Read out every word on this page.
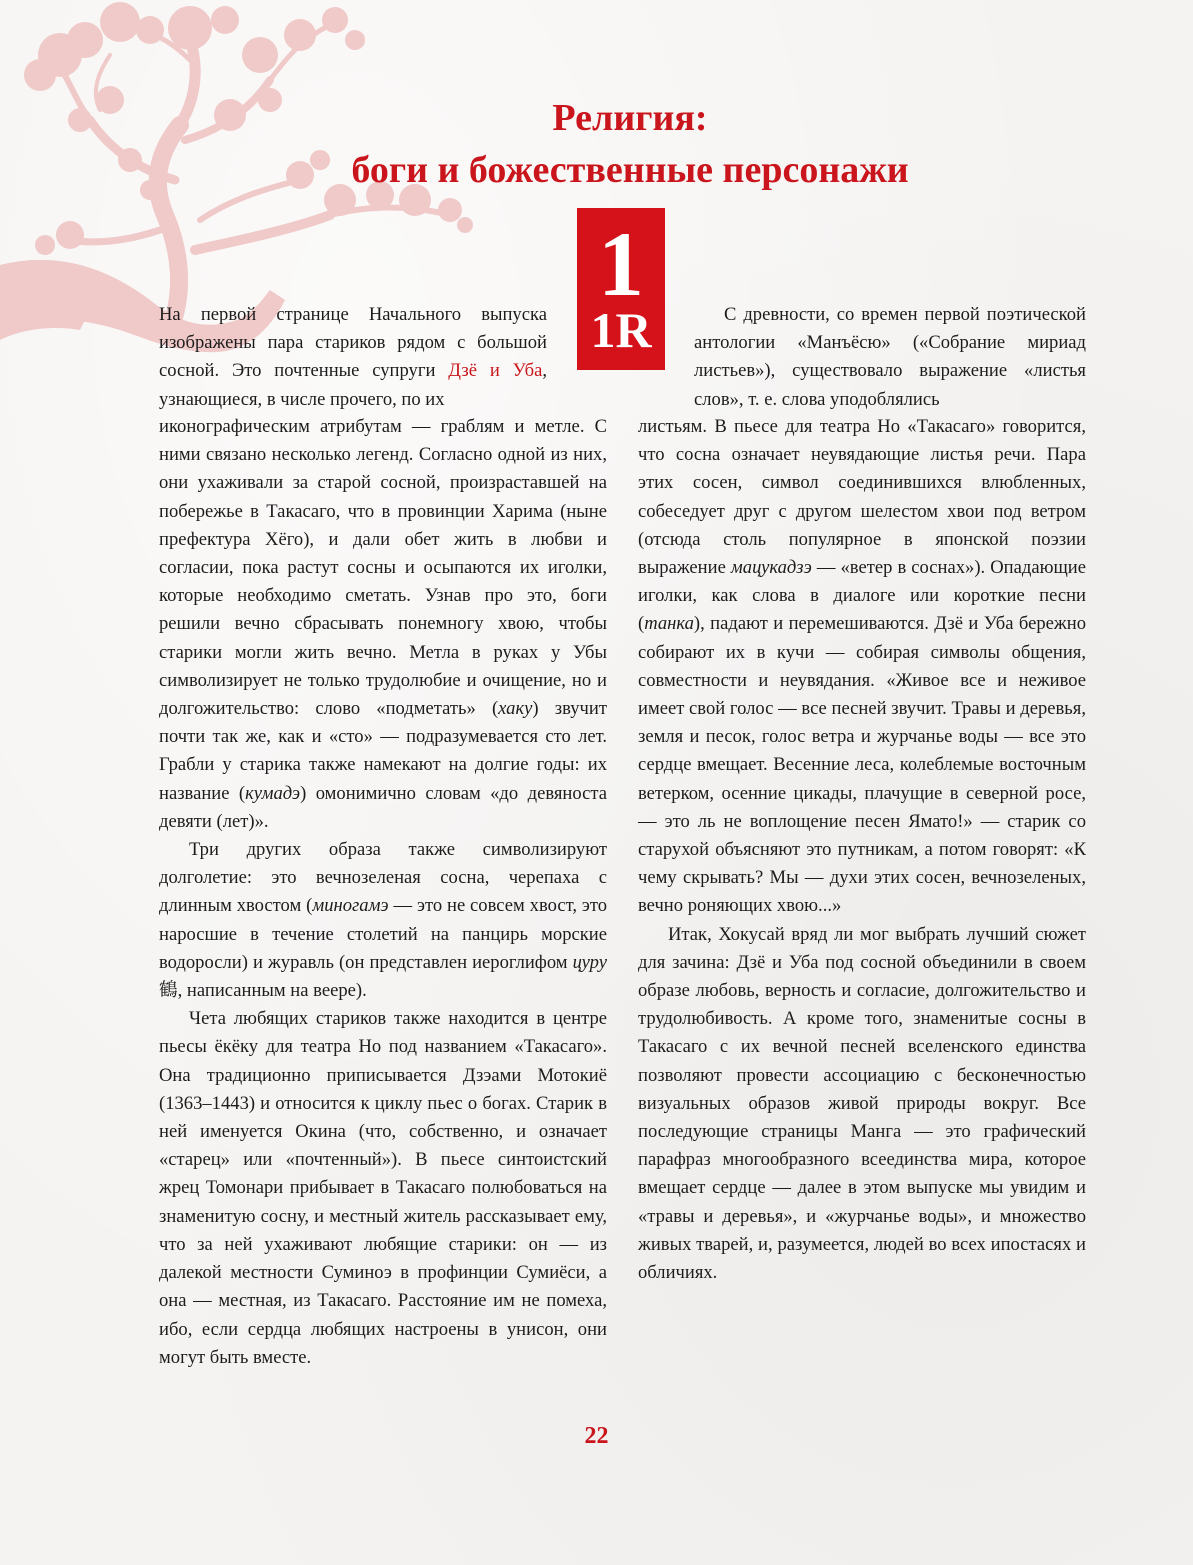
Религия:
боги и божественные персонажи
1
1R

На первой странице Начального выпуска изображены пара стариков рядом с большой сосной. Это почтенные супруги Дзё и Уба, узнающиеся, в числе прочего, по их

иконографическим атрибутам — граблям и метле. С ними связано несколько легенд. Согласно одной из них, они ухаживали за старой сосной, произраставшей на побережье в Такасаго, что в провинции Харима (ныне префектура Хёго), и дали обет жить в любви и согласии, пока растут сосны и осыпаются их иголки, которые необходимо сметать. Узнав про это, боги решили вечно сбрасывать понемногу хвою, чтобы старики могли жить вечно. Метла в руках у Убы символизирует не только трудолюбие и очищение, но и долгожительство: слово «подметать» (хаку) звучит почти так же, как и «сто» — подразумевается сто лет. Грабли у старика также намекают на долгие годы: их название (кумадэ) омонимично словам «до девяноста девяти (лет)».

Три других образа также символизируют долголетие: это вечнозеленая сосна, черепаха с длинным хвостом (миногамэ — это не совсем хвост, это наросшие в течение столетий на панцирь морские водоросли) и журавль (он представлен иероглифом цуру 鶴, написанным на веере).

Чета любящих стариков также находится в центре пьесы ёкёку для театра Но под названием «Такасаго». Она традиционно приписывается Дзэами Мотокиё (1363–1443) и относится к циклу пьес о богах. Старик в ней именуется Окина (что, собственно, и означает «старец» или «почтенный»). В пьесе синтоистский жрец Томонари прибывает в Такасаго полюбоваться на знаменитую сосну, и местный житель рассказывает ему, что за ней ухаживают любящие старики: он — из далекой местности Суминоэ в профинции Сумиёси, а она — местная, из Такасаго. Расстояние им не помеха, ибо, если сердца любящих настроены в унисон, они могут быть вместе.

С древности, со времен первой поэтической антологии «Манъёсю» («Собрание мириад листьев»), существовало выражение «листья слов», т. е. слова уподоблялись

листьям. В пьесе для театра Но «Такасаго» говорится, что сосна означает неувядающие листья речи. Пара этих сосен, символ соединившихся влюбленных, собеседует друг с другом шелестом хвои под ветром (отсюда столь популярное в японской поэзии выражение мацукадзэ — «ветер в соснах»). Опадающие иголки, как слова в диалоге или короткие песни (танка), падают и перемешиваются. Дзё и Уба бережно собирают их в кучи — собирая символы общения, совместности и неувядания. «Живое все и неживое имеет свой голос — все песней звучит. Травы и деревья, земля и песок, голос ветра и журчанье воды — все это сердце вмещает. Весенние леса, колеблемые восточным ветерком, осенние цикады, плачущие в северной росе, — это ль не воплощение песен Ямато!» — старик со старухой объясняют это путникам, а потом говорят: «К чему скрывать? Мы — духи этих сосен, вечнозеленых, вечно роняющих хвою...»

Итак, Хокусай вряд ли мог выбрать лучший сюжет для зачина: Дзё и Уба под сосной объединили в своем образе любовь, верность и согласие, долгожительство и трудолюбивость. А кроме того, знаменитые сосны в Такасаго с их вечной песней вселенского единства позволяют провести ассоциацию с бесконечностью визуальных образов живой природы вокруг. Все последующие страницы Манга — это графический парафраз многообразного всеединства мира, которое вмещает сердце — далее в этом выпуске мы увидим и «травы и деревья», и «журчанье воды», и множество живых тварей, и, разумеется, людей во всех ипостасях и обличиях.

22
